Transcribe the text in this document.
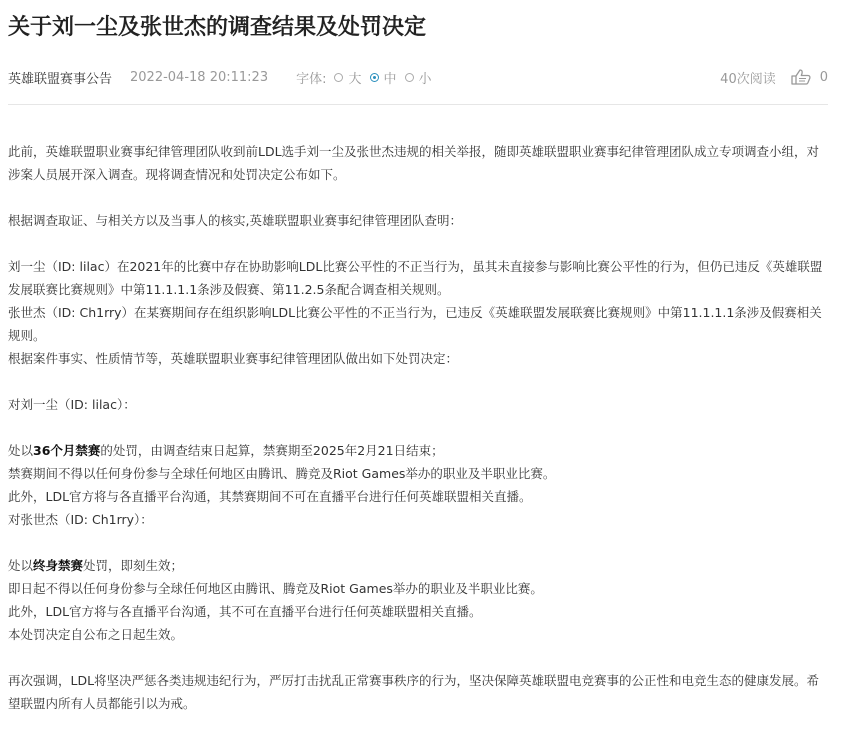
关于刘一尘及张世杰的调查结果及处罚决定
英雄联盟赛事公告 2022-04-18 20:11:23 字体: 大 中 小	40次阅读	0

此前，英雄联盟职业赛事纪律管理团队收到前LDL选手刘一尘及张世杰违规的相关举报，随即英雄联盟职业赛事纪律管理团队成立专项调查小组，对涉案人员展开深入调查。现将调查情况和处罚决定公布如下。

根据调查取证、与相关方以及当事人的核实,英雄联盟职业赛事纪律管理团队查明：

刘一尘（ID: lilac）在2021年的比赛中存在协助影响LDL比赛公平性的不正当行为，虽其未直接参与影响比赛公平性的行为，但仍已违反《英雄联盟发展联赛比赛规则》中第11.1.1.1条涉及假赛、第11.2.5条配合调查相关规则。

张世杰（ID: Ch1rry）在某赛期间存在组织影响LDL比赛公平性的不正当行为，已违反《英雄联盟发展联赛比赛规则》中第11.1.1.1条涉及假赛相关规则。

根据案件事实、性质情节等，英雄联盟职业赛事纪律管理团队做出如下处罚决定：

对刘一尘（ID: lilac）：

处以36个月禁赛的处罚，由调查结束日起算，禁赛期至2025年2月21日结束；

禁赛期间不得以任何身份参与全球任何地区由腾讯、腾竞及Riot Games举办的职业及半职业比赛。

此外，LDL官方将与各直播平台沟通，其禁赛期间不可在直播平台进行任何英雄联盟相关直播。

对张世杰（ID: Ch1rry）：

处以终身禁赛处罚，即刻生效；

即日起不得以任何身份参与全球任何地区由腾讯、腾竞及Riot Games举办的职业及半职业比赛。

此外，LDL官方将与各直播平台沟通，其不可在直播平台进行任何英雄联盟相关直播。

本处罚决定自公布之日起生效。

再次强调，LDL将坚决严惩各类违规违纪行为，严厉打击扰乱正常赛事秩序的行为，坚决保障英雄联盟电竞赛事的公正性和电竞生态的健康发展。希望联盟内所有人员都能引以为戒。
